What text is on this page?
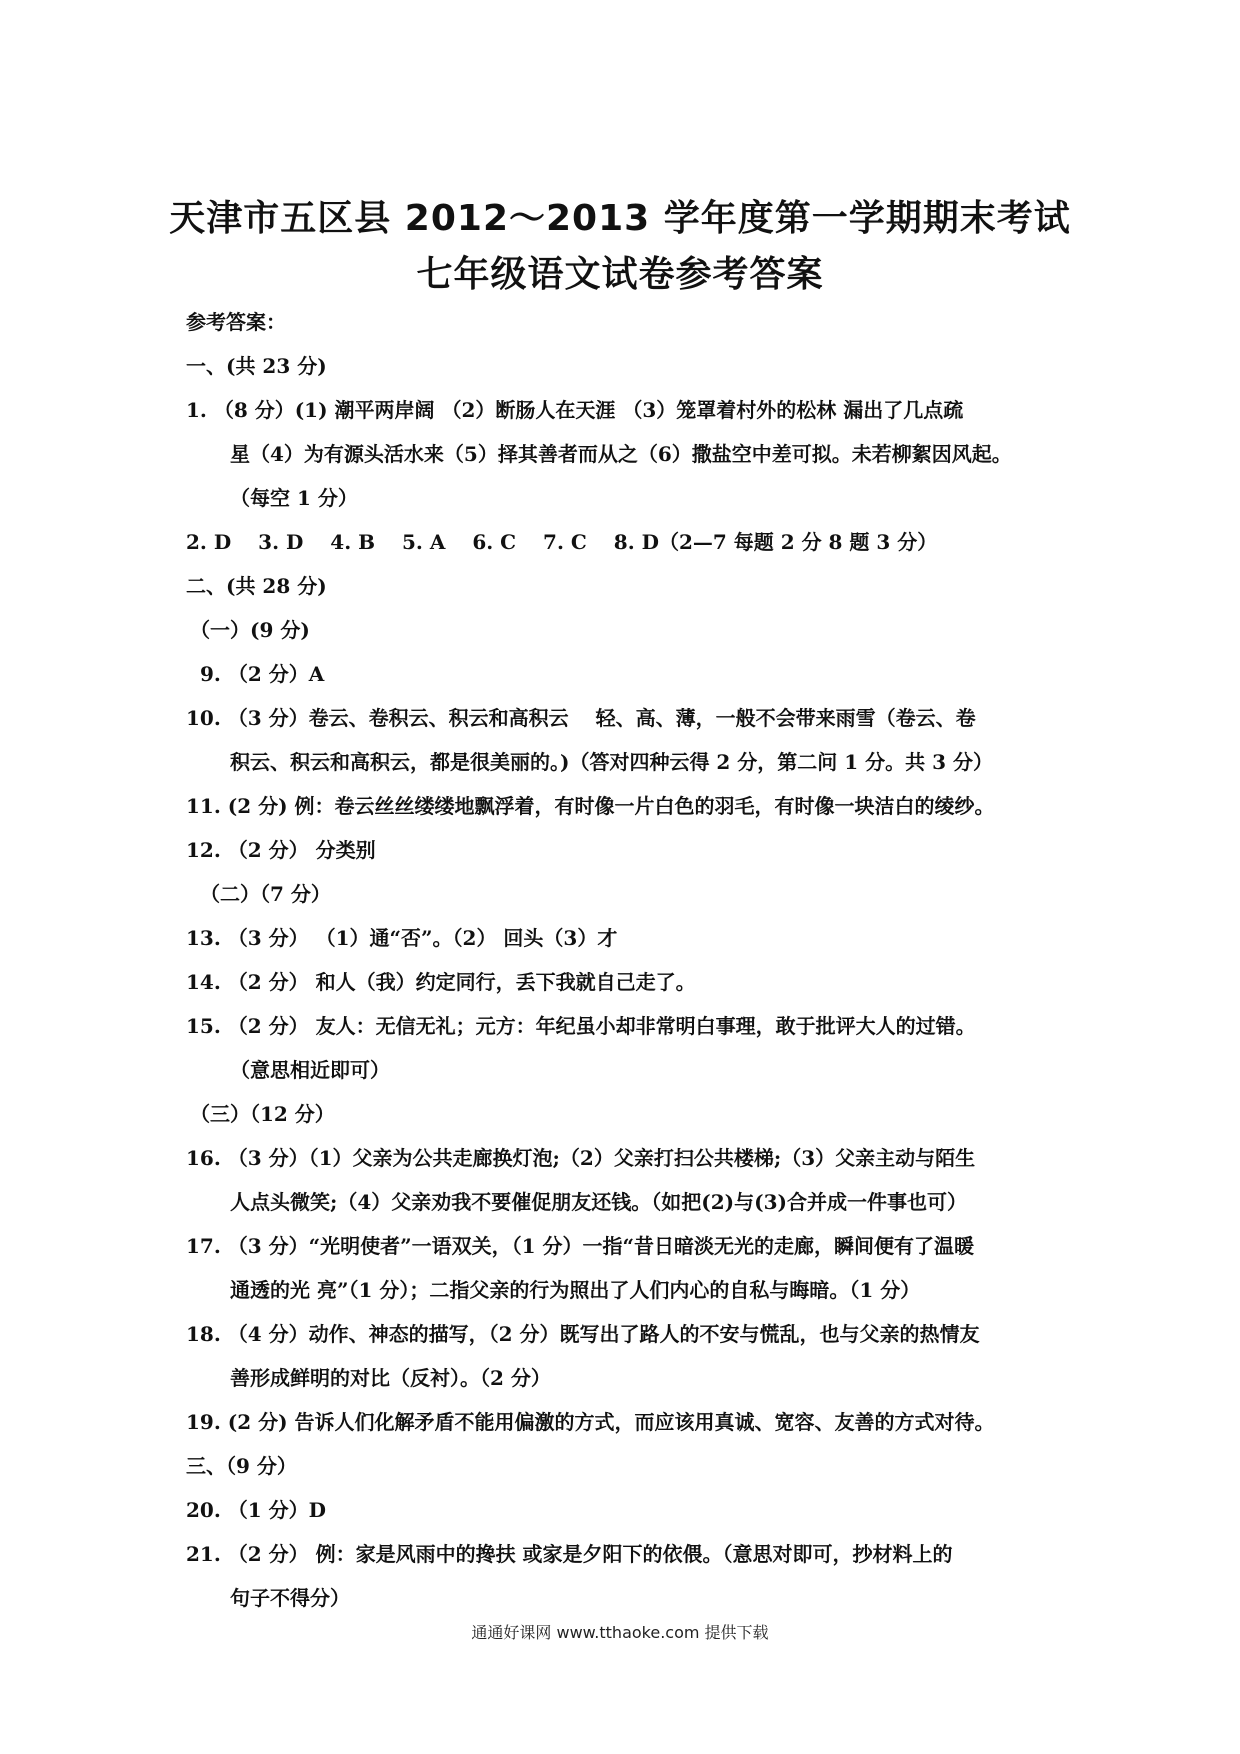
天津市五区县 2012～2013 学年度第一学期期末考试
七年级语文试卷参考答案
参考答案：
一、(共 23 分)
1. （8 分）(1) 潮平两岸阔 （2）断肠人在天涯 （3）笼罩着村外的松林 漏出了几点疏
星（4）为有源头活水来（5）择其善者而从之（6）撒盐空中差可拟。未若柳絮因风起。
（每空 1 分）
2. D　 3. D　 4. B　 5. A　 6. C　 7. C　 8. D（2—7 每题 2 分 8 题 3 分）
二、(共 28 分)
（一）(9 分)
9. （2 分）A
10. （3 分）卷云、卷积云、积云和高积云　 轻、高、薄，一般不会带来雨雪（卷云、卷
积云、积云和高积云，都是很美丽的。)（答对四种云得 2 分，第二问 1 分。共 3 分）
11. (2 分) 例：卷云丝丝缕缕地飘浮着，有时像一片白色的羽毛，有时像一块洁白的绫纱。
12. （2 分） 分类别
（二）（7 分）
13. （3 分） （1）通“否”。（2） 回头（3）才
14. （2 分） 和人（我）约定同行，丢下我就自己走了。
15. （2 分） 友人：无信无礼；元方：年纪虽小却非常明白事理，敢于批评大人的过错。
（意思相近即可）
（三）（12 分）
16. （3 分）（1）父亲为公共走廊换灯泡;（2）父亲打扫公共楼梯;（3）父亲主动与陌生
人点头微笑;（4）父亲劝我不要催促朋友还钱。（如把(2)与(3)合并成一件事也可）
17. （3 分）“光明使者”一语双关，（1 分）一指“昔日暗淡无光的走廊，瞬间便有了温暖
通透的光 亮”（1 分）；二指父亲的行为照出了人们内心的自私与晦暗。（1 分）
18. （4 分）动作、神态的描写，（2 分）既写出了路人的不安与慌乱，也与父亲的热情友
善形成鲜明的对比（反衬）。（2 分）
19. (2 分) 告诉人们化解矛盾不能用偏激的方式，而应该用真诚、宽容、友善的方式对待。
三、（9 分）
20. （1 分）D
21. （2 分） 例：家是风雨中的搀扶 或家是夕阳下的依偎。（意思对即可，抄材料上的
句子不得分）
通通好课网 www.tthaoke.com 提供下载
